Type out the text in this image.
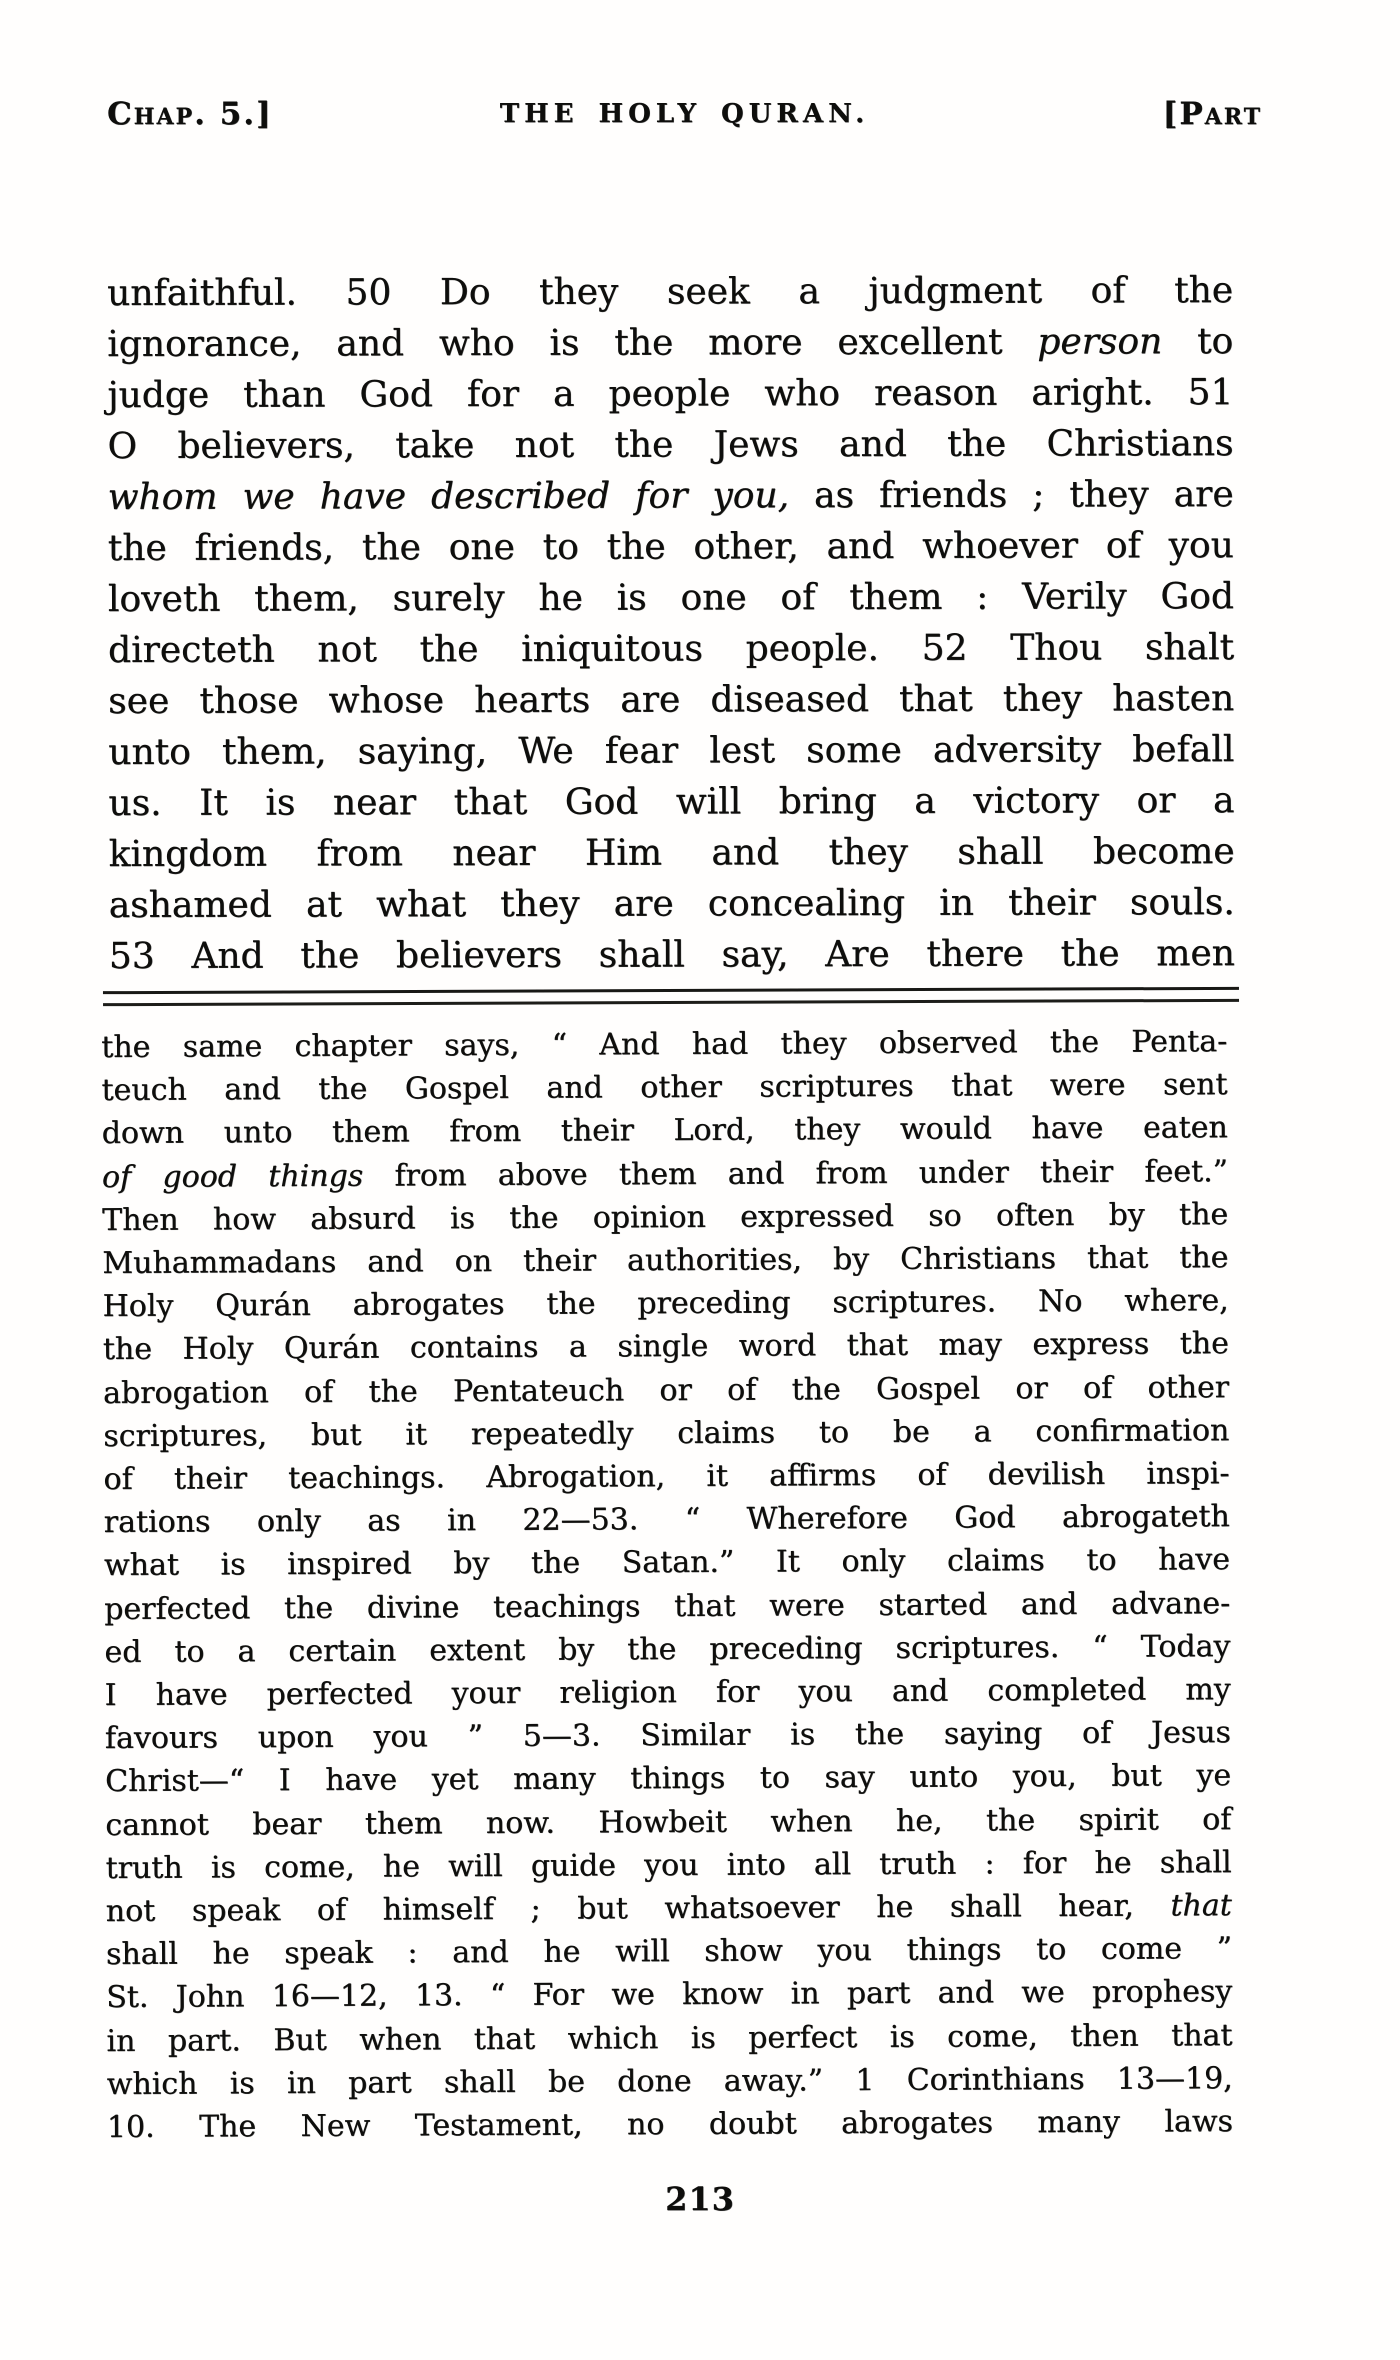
Chap. 5.]	THE HOLY QURAN.	[Part
unfaithful. 50 Do they seek a judgment of the
ignorance, and who is the more excellent person to
judge than God for a people who reason aright. 51
O believers, take not the Jews and the Christians
whom we have described for you, as friends ; they are
the friends, the one to the other, and whoever of you
loveth them, surely he is one of them : Verily God
directeth not the iniquitous people. 52 Thou shalt
see those whose hearts are diseased that they hasten
unto them, saying, We fear lest some adversity befall
us. It is near that God will bring a victory or a
kingdom from near Him and they shall become
ashamed at what they are concealing in their souls.
53 And the believers shall say, Are there the men
the same chapter says, “ And had they observed the Penta-
teuch and the Gospel and other scriptures that were sent
down unto them from their Lord, they would have eaten
of good things from above them and from under their feet.”
Then how absurd is the opinion expressed so often by the
Muhammadans and on their authorities, by Christians that the
Holy Qurán abrogates the preceding scriptures. No where,
the Holy Qurán contains a single word that may express the
abrogation of the Pentateuch or of the Gospel or of other
scriptures, but it repeatedly claims to be a confirmation
of their teachings. Abrogation, it affirms of devilish inspi-
rations only as in 22—53. “ Wherefore God abrogateth
what is inspired by the Satan.” It only claims to have
perfected the divine teachings that were started and advane-
ed to a certain extent by the preceding scriptures. “ Today
I have perfected your religion for you and completed my
favours upon you ” 5—3. Similar is the saying of Jesus
Christ—“ I have yet many things to say unto you, but ye
cannot bear them now. Howbeit when he, the spirit of
truth is come, he will guide you into all truth : for he shall
not speak of himself ; but whatsoever he shall hear, that
shall he speak : and he will show you things to come ”
St. John 16—12, 13. “ For we know in part and we prophesy
in part. But when that which is perfect is come, then that
which is in part shall be done away.” 1 Corinthians 13—19,
10. The New Testament, no doubt abrogates many laws
213
